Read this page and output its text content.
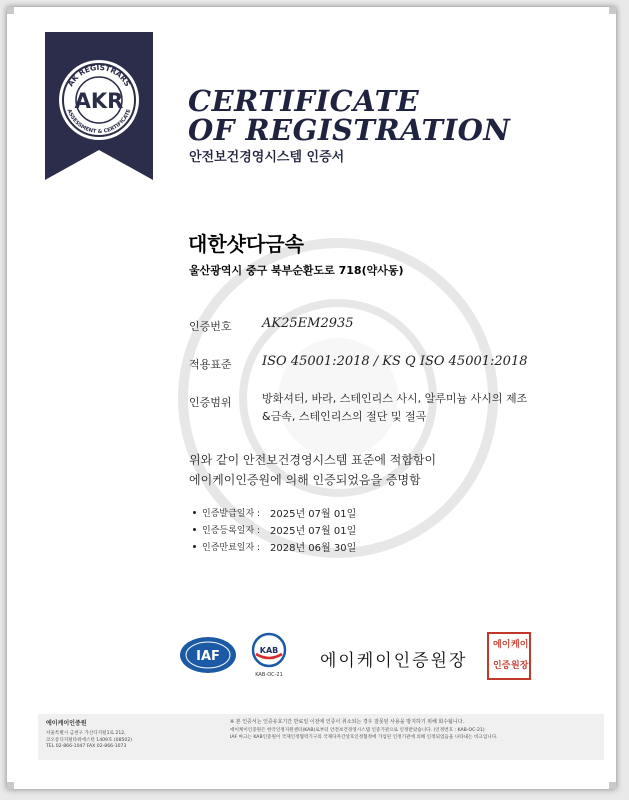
AK REGISTRARS
ASSESSMENT & CERTIFICATE
AKR CERTIFICATE
OF REGISTRATION
안전보건경영시스템 인증서
대한샷다금속
울산광역시 중구 북부순환도로 718(약사동)
인증번호 AK25EM2935
적용표준 ISO 45001:2018 / KS Q ISO 45001:2018
인증범위	방화셔터, 바라, 스테인리스 사시, 알루미늄 사시의 제조
&금속, 스테인리스의 절단 및 절곡
위와 같이 안전보건경영시스템 표준에 적합함이
에이케이인증원에 의해 인증되었음을 증명함
인증발급일자 : 2025년 07월 01일
인증등록일자 : 2025년 07월 01일
인증만료일자 : 2028년 06월 30일
IAF	KAB
KAB-OC-21
에이케이인증원장
에이 케이
인증 원장
에이케이인증원
서울특별시 금천구 가산디지털1로 212,
코오롱디지털타워에스턴 1409호 (08502)
TEL 02-866-1047 FAX 02-866-1073
※ 본 인증서는 인증유효기간 반료일 이전에 인증이 취소되는 경우 잘못된 사용을 방지하기 위해 회수됩니다.
에이케이인증원은 한국인정지원센터(KAB)로부터 안전보건경영시스템 인증기관으로 인정받았습니다. (인정번호 : KAB-OC-21)
IAF 마크는 KAB인증원이 국제인정협력기구의 국제다자간상호인정협정에 가입된 인정기관에 의해 인정되었음을 나타내는 비크입니다.
